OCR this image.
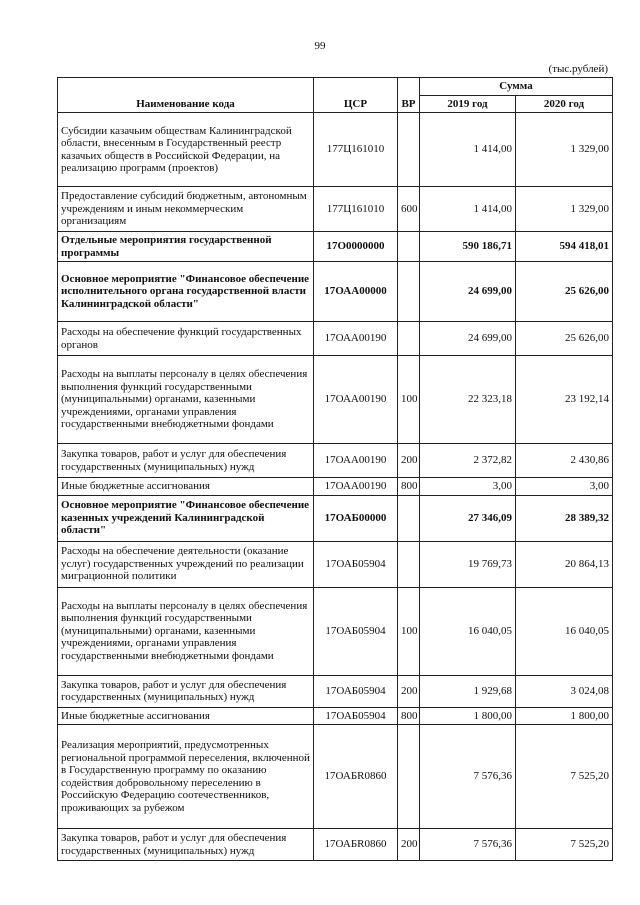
99
(тыс.рублей)
Наименование кода	ЦСР	ВР	Сумма	
			2019 год	2020 год
Субсидии казачьим обществам Калининградской области, внесенным в Государственный реестр казачьих обществ в Российской Федерации, на реализацию программ (проектов)	177Ц161010		1 414,00	1 329,00
Предоставление субсидий бюджетным, автономным учреждениям и иным некоммерческим организациям	177Ц161010	600	1 414,00	1 329,00
Отдельные мероприятия государственной программы	17О0000000		590 186,71	594 418,01
Основное мероприятие "Финансовое обеспечение исполнительного органа государственной власти Калининградской области"	17ОАА00000		24 699,00	25 626,00
Расходы на обеспечение функций государственных органов	17ОАА00190		24 699,00	25 626,00
Расходы на выплаты персоналу в целях обеспечения выполнения функций государственными (муниципальными) органами, казенными учреждениями, органами управления государственными внебюджетными фондами	17ОАА00190	100	22 323,18	23 192,14
Закупка товаров, работ и услуг для обеспечения государственных (муниципальных) нужд	17ОАА00190	200	2 372,82	2 430,86
Иные бюджетные ассигнования	17ОАА00190	800	3,00	3,00
Основное мероприятие "Финансовое обеспечение казенных учреждений Калининградской области"	17ОАБ00000		27 346,09	28 389,32
Расходы на обеспечение деятельности (оказание услуг) государственных учреждений по реализации миграционной политики	17ОАБ05904		19 769,73	20 864,13
Расходы на выплаты персоналу в целях обеспечения выполнения функций государственными (муниципальными) органами, казенными учреждениями, органами управления государственными внебюджетными фондами	17ОАБ05904	100	16 040,05	16 040,05
Закупка товаров, работ и услуг для обеспечения государственных (муниципальных) нужд	17ОАБ05904	200	1 929,68	3 024,08
Иные бюджетные ассигнования	17ОАБ05904	800	1 800,00	1 800,00
Реализация мероприятий, предусмотренных региональной программой переселения, включенной в Государственную программу по оказанию содействия добровольному переселению в Российскую Федерацию соотечественников, проживающих за рубежом	17ОАБR0860		7 576,36	7 525,20
Закупка товаров, работ и услуг для обеспечения государственных (муниципальных) нужд	17ОАБR0860	200	7 576,36	7 525,20
